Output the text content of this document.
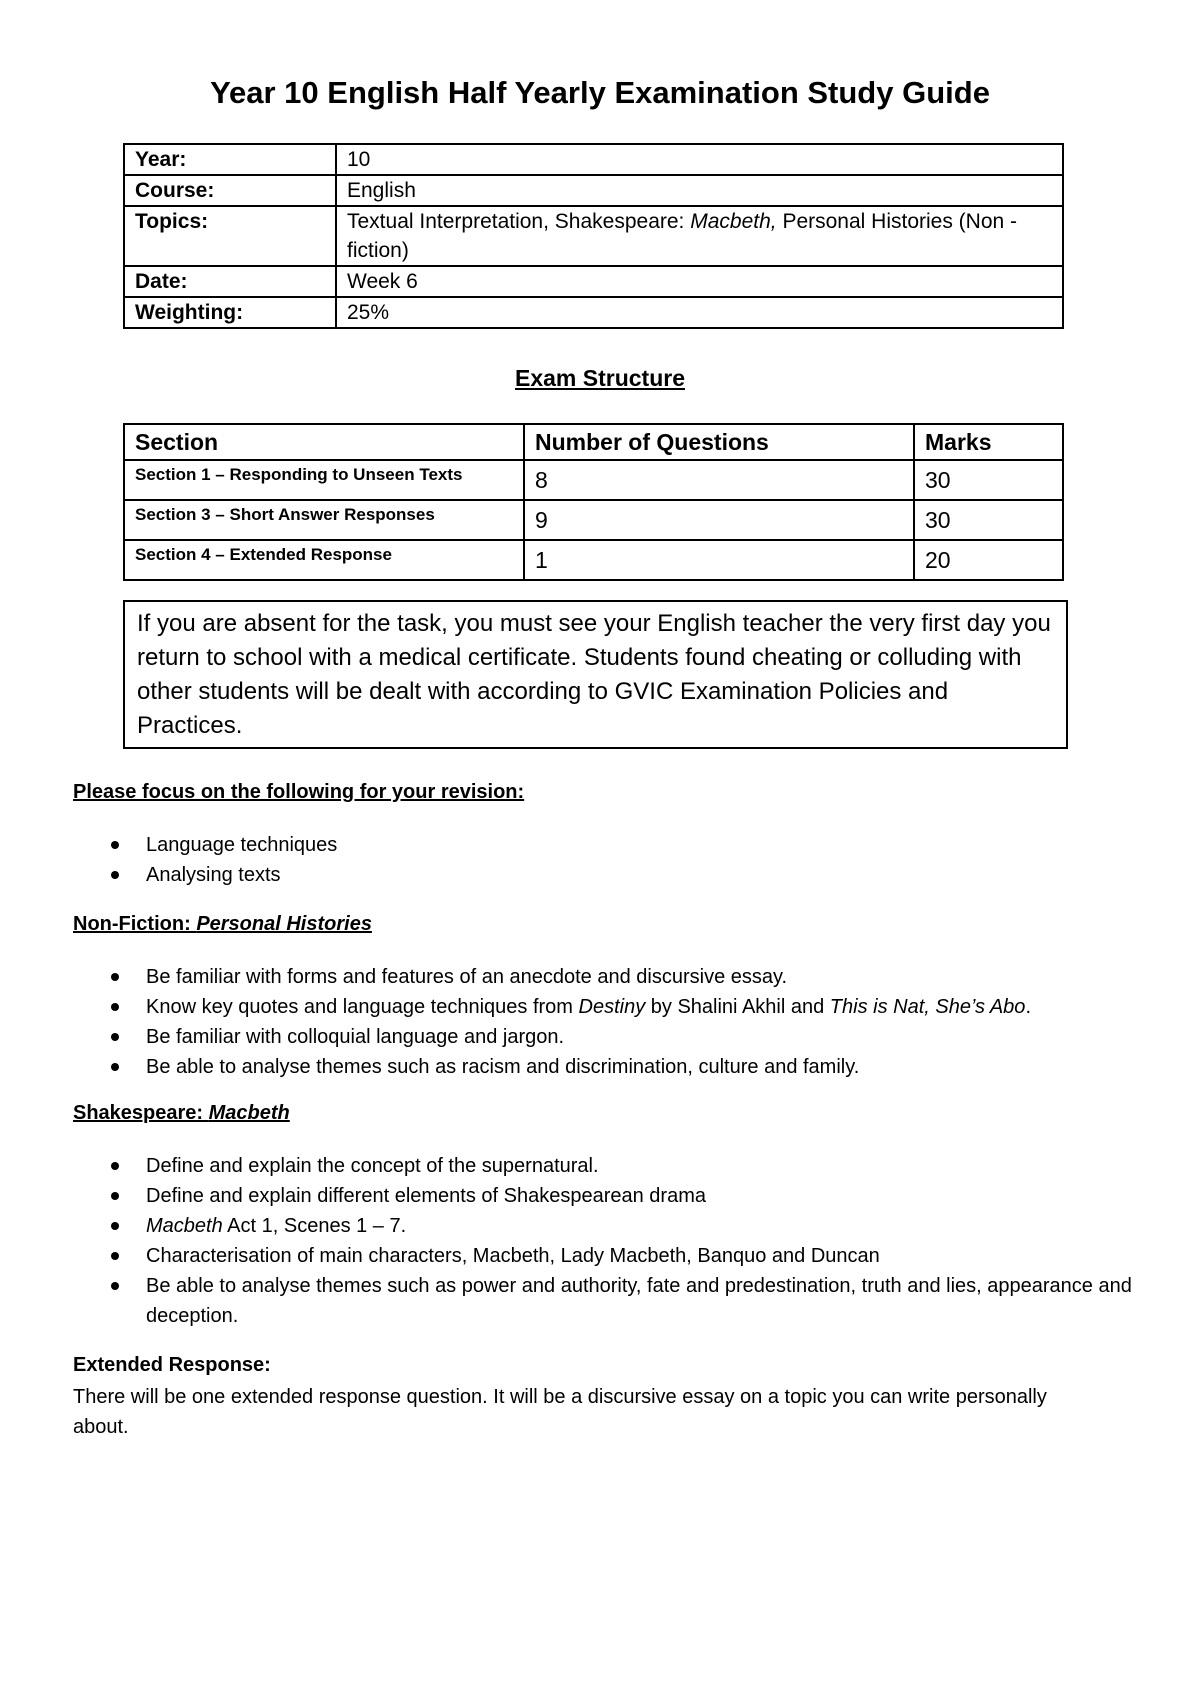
Year 10 English Half Yearly Examination Study Guide
Year:	10
Course:	English
Topics:	Textual Interpretation, Shakespeare: Macbeth, Personal Histories (Non -fiction)
Date:	Week 6
Weighting:	25%
Exam Structure
Section	Number of Questions	Marks
Section 1 – Responding to Unseen Texts	8	30
Section 3 – Short Answer Responses	9	30
Section 4 – Extended Response	1	20
If you are absent for the task, you must see your English teacher the very first day you return to school with a medical certificate. Students found cheating or colluding with other students will be dealt with according to GVIC Examination Policies and Practices.
Please focus on the following for your revision:
Language techniques
Analysing texts
Non-Fiction: Personal Histories
Be familiar with forms and features of an anecdote and discursive essay.
Know key quotes and language techniques from Destiny by Shalini Akhil and This is Nat, She’s Abo.
Be familiar with colloquial language and jargon.
Be able to analyse themes such as racism and discrimination, culture and family.
Shakespeare: Macbeth
Define and explain the concept of the supernatural.
Define and explain different elements of Shakespearean drama
Macbeth Act 1, Scenes 1 – 7.
Characterisation of main characters, Macbeth, Lady Macbeth, Banquo and Duncan
Be able to analyse themes such as power and authority, fate and predestination, truth and lies, appearance and deception.
Extended Response:
There will be one extended response question. It will be a discursive essay on a topic you can write personally about.
